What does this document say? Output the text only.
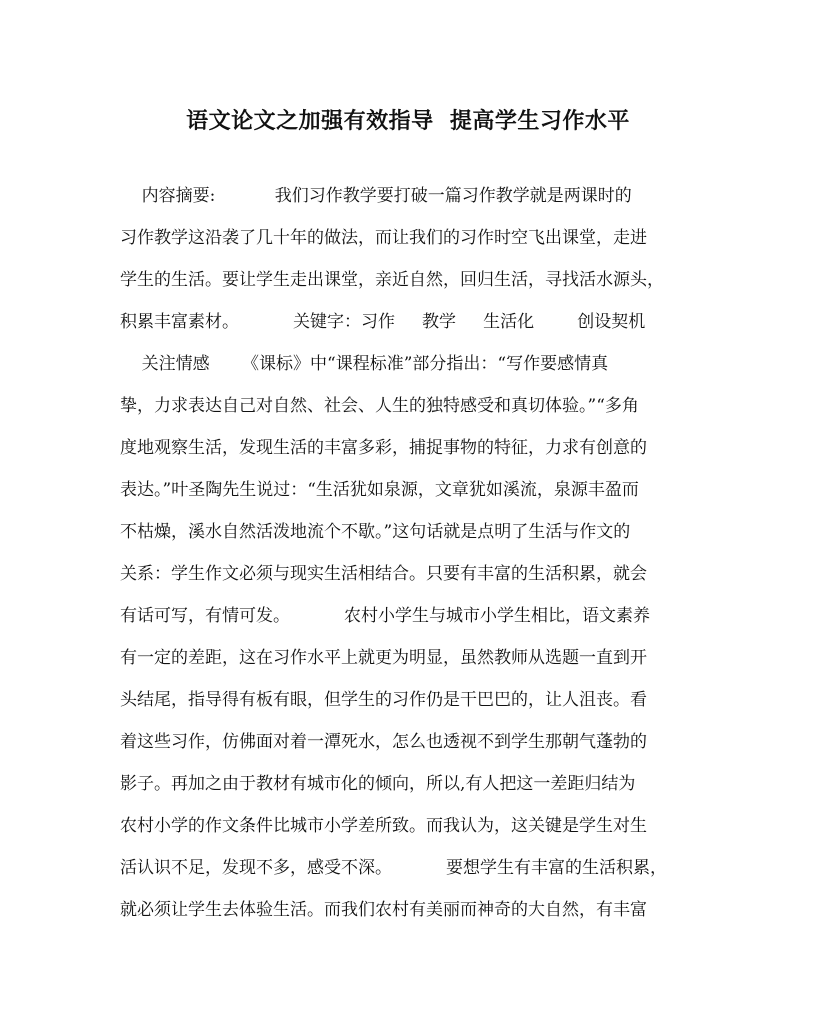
语文论文之加强有效指导  提高学生习作水平
内容摘要:           我们习作教学要打破一篇习作教学就是两课时的
习作教学这沿袭了几十年的做法，而让我们的习作时空飞出课堂，走进
学生的生活。要让学生走出课堂，亲近自然，回归生活，寻找活水源头，
积累丰富素材。          关键字：习作     教学     生活化        创设契机
关注情感      《课标》中“课程标准”部分指出：“写作要感情真
挚，力求表达自己对自然、社会、人生的独特感受和真切体验。”“多角
度地观察生活，发现生活的丰富多彩，捕捉事物的特征，力求有创意的
表达。”叶圣陶先生说过：“生活犹如泉源，文章犹如溪流，泉源丰盈而
不枯燥，溪水自然活泼地流个不歇。”这句话就是点明了生活与作文的
关系：学生作文必须与现实生活相结合。只要有丰富的生活积累，就会
有话可写，有情可发。          农村小学生与城市小学生相比，语文素养
有一定的差距，这在习作水平上就更为明显，虽然教师从选题一直到开
头结尾，指导得有板有眼，但学生的习作仍是干巴巴的，让人沮丧。看
着这些习作，仿佛面对着一潭死水，怎么也透视不到学生那朝气蓬勃的
影子。再加之由于教材有城市化的倾向，所以,有人把这一差距归结为
农村小学的作文条件比城市小学差所致。而我认为，这关键是学生对生
活认识不足，发现不多，感受不深。          要想学生有丰富的生活积累，
就必须让学生去体验生活。而我们农村有美丽而神奇的大自然，有丰富
